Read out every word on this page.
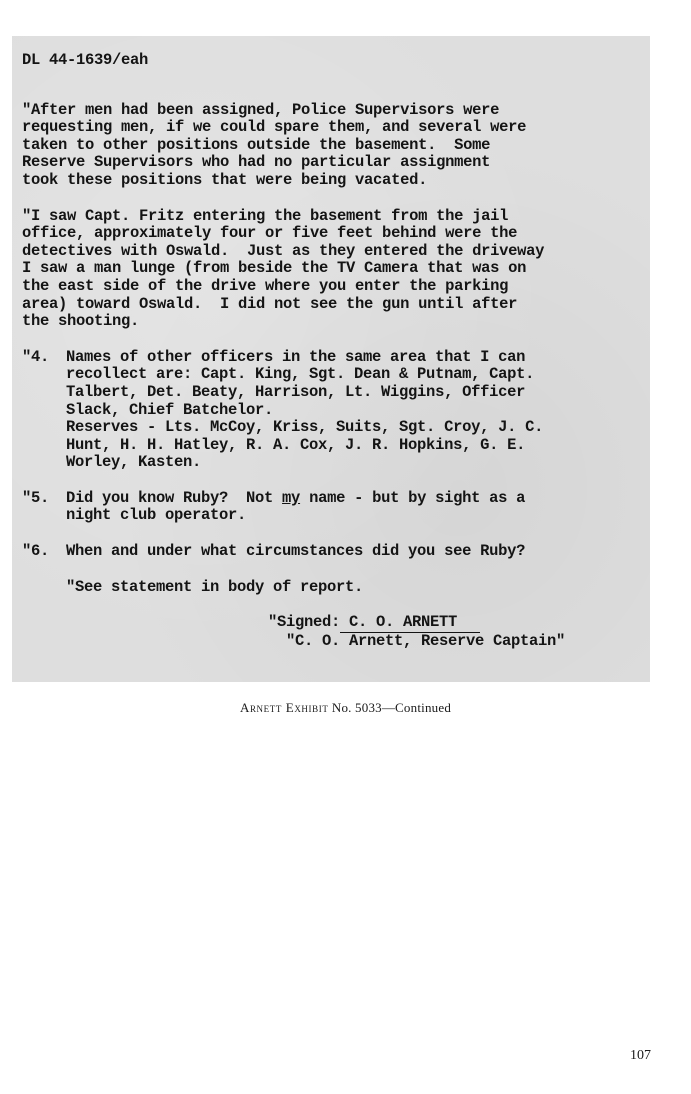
DL 44-1639/eah
"After men had been assigned, Police Supervisors were
requesting men, if we could spare them, and several were
taken to other positions outside the basement.  Some
Reserve Supervisors who had no particular assignment
took these positions that were being vacated.
"I saw Capt. Fritz entering the basement from the jail
office, approximately four or five feet behind were the
detectives with Oswald.  Just as they entered the driveway
I saw a man lunge (from beside the TV Camera that was on
the east side of the drive where you enter the parking
area) toward Oswald.  I did not see the gun until after
the shooting.
"4. Names of other officers in the same area that I can
recollect are: Capt. King, Sgt. Dean & Putnam, Capt.
Talbert, Det. Beaty, Harrison, Lt. Wiggins, Officer
Slack, Chief Batchelor.
Reserves - Lts. McCoy, Kriss, Suits, Sgt. Croy, J. C.
Hunt, H. H. Hatley, R. A. Cox, J. R. Hopkins, G. E.
Worley, Kasten.
"5. Did you know Ruby?  Not my name - but by sight as a
night club operator.
"6. When and under what circumstances did you see Ruby?
"See statement in body of report.
"Signed: C. O. ARNETT
"C. O. Arnett, Reserve Captain"
Arnett Exhibit No. 5033—Continued
107
